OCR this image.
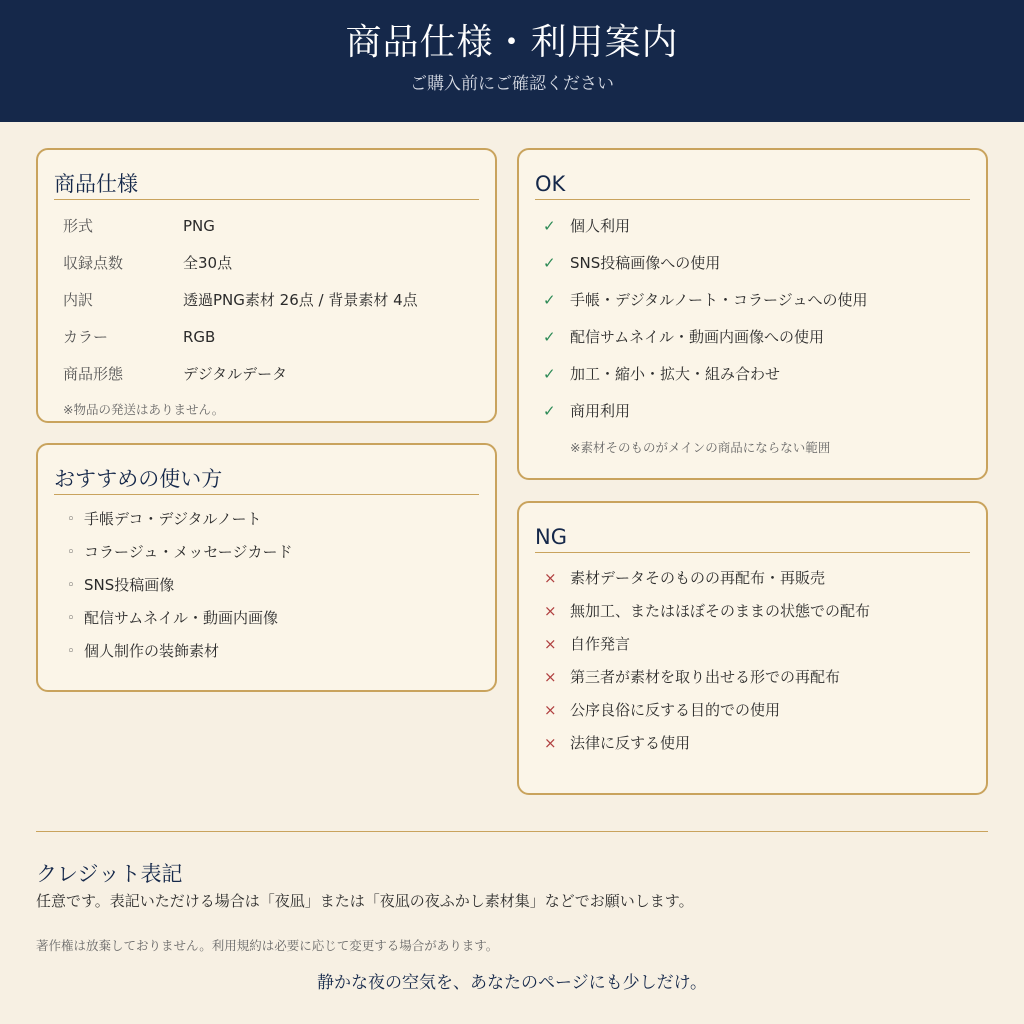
商品仕様・利用案内
ご購入前にご確認ください
商品仕様
形式	PNG
収録点数	全30点
内訳	透過PNG素材 26点 / 背景素材 4点
カラー	RGB
商品形態	デジタルデータ
※物品の発送はありません。
おすすめの使い方
◦ 手帳デコ・デジタルノート
◦ コラージュ・メッセージカード
◦ SNS投稿画像
◦ 配信サムネイル・動画内画像
◦ 個人制作の装飾素材
OK
✓ 個人利用
✓ SNS投稿画像への使用
✓ 手帳・デジタルノート・コラージュへの使用
✓ 配信サムネイル・動画内画像への使用
✓ 加工・縮小・拡大・組み合わせ
✓ 商用利用
※素材そのものがメインの商品にならない範囲
NG
× 素材データそのものの再配布・再販売
× 無加工、またはほぼそのままの状態での配布
× 自作発言
× 第三者が素材を取り出せる形での再配布
× 公序良俗に反する目的での使用
× 法律に反する使用
クレジット表記
任意です。表記いただける場合は「夜凪」または「夜凪の夜ふかし素材集」などでお願いします。
著作権は放棄しておりません。利用規約は必要に応じて変更する場合があります。
静かな夜の空気を、あなたのページにも少しだけ。
